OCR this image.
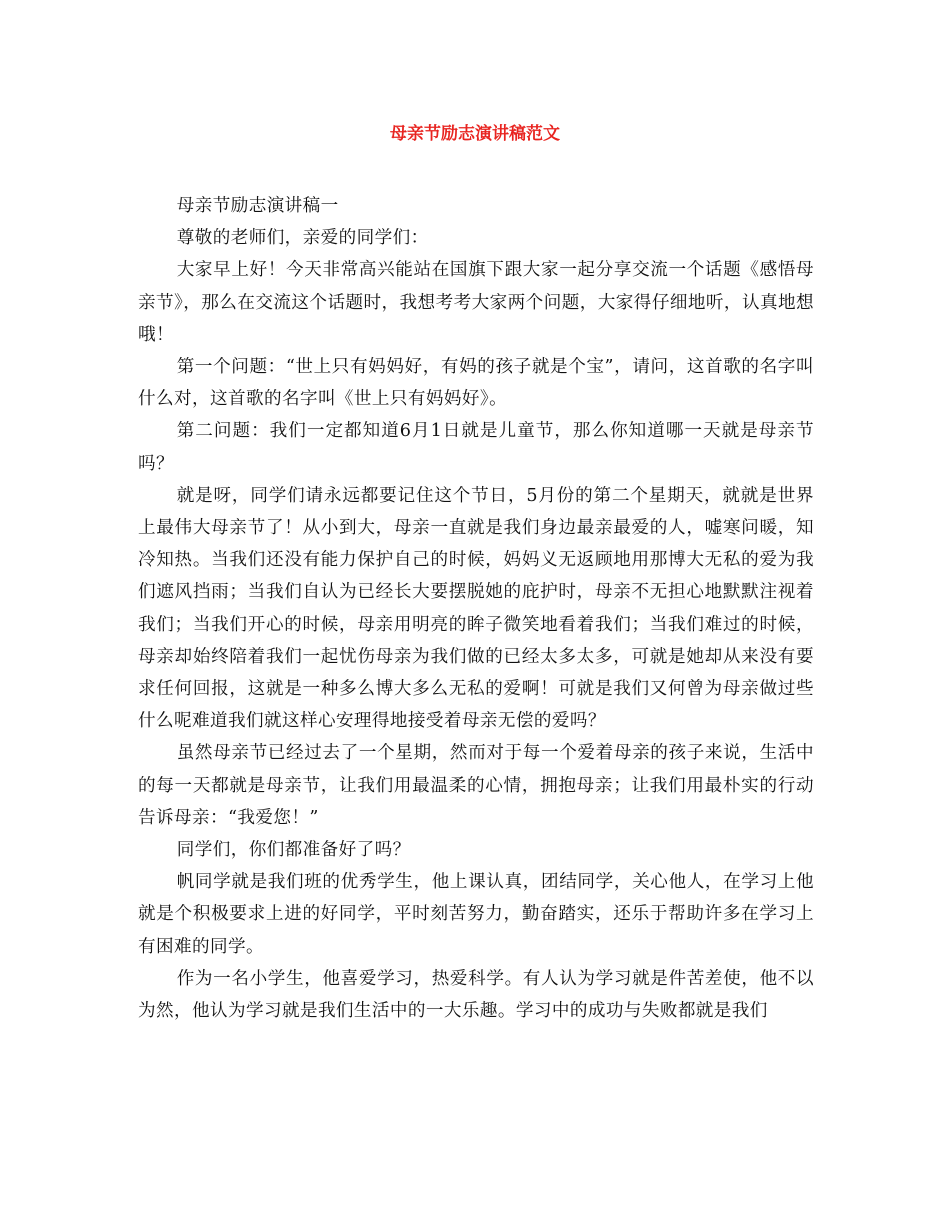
母亲节励志演讲稿范文

母亲节励志演讲稿一

尊敬的老师们，亲爱的同学们：

大家早上好！今天非常高兴能站在国旗下跟大家一起分享交流一个话题《感悟母亲节》，那么在交流这个话题时，我想考考大家两个问题，大家得仔细地听，认真地想哦！

第一个问题：“世上只有妈妈好，有妈的孩子就是个宝”，请问，这首歌的名字叫什么对，这首歌的名字叫《世上只有妈妈好》。

第二问题：我们一定都知道6月1日就是儿童节，那么你知道哪一天就是母亲节吗？

就是呀，同学们请永远都要记住这个节日，5月份的第二个星期天，就就是世界上最伟大母亲节了！从小到大，母亲一直就是我们身边最亲最爱的人，嘘寒问暖，知冷知热。当我们还没有能力保护自己的时候，妈妈义无返顾地用那博大无私的爱为我们遮风挡雨；当我们自认为已经长大要摆脱她的庇护时，母亲不无担心地默默注视着我们；当我们开心的时候，母亲用明亮的眸子微笑地看着我们；当我们难过的时候，母亲却始终陪着我们一起忧伤母亲为我们做的已经太多太多，可就是她却从来没有要求任何回报，这就是一种多么博大多么无私的爱啊！可就是我们又何曾为母亲做过些什么呢难道我们就这样心安理得地接受着母亲无偿的爱吗？

虽然母亲节已经过去了一个星期，然而对于每一个爱着母亲的孩子来说，生活中的每一天都就是母亲节，让我们用最温柔的心情，拥抱母亲；让我们用最朴实的行动告诉母亲：“我爱您！”

同学们，你们都准备好了吗？

帆同学就是我们班的优秀学生，他上课认真，团结同学，关心他人，在学习上他就是个积极要求上进的好同学，平时刻苦努力，勤奋踏实，还乐于帮助许多在学习上有困难的同学。

作为一名小学生，他喜爱学习，热爱科学。有人认为学习就是件苦差使，他不以为然，他认为学习就是我们生活中的一大乐趣。学习中的成功与失败都就是我们
